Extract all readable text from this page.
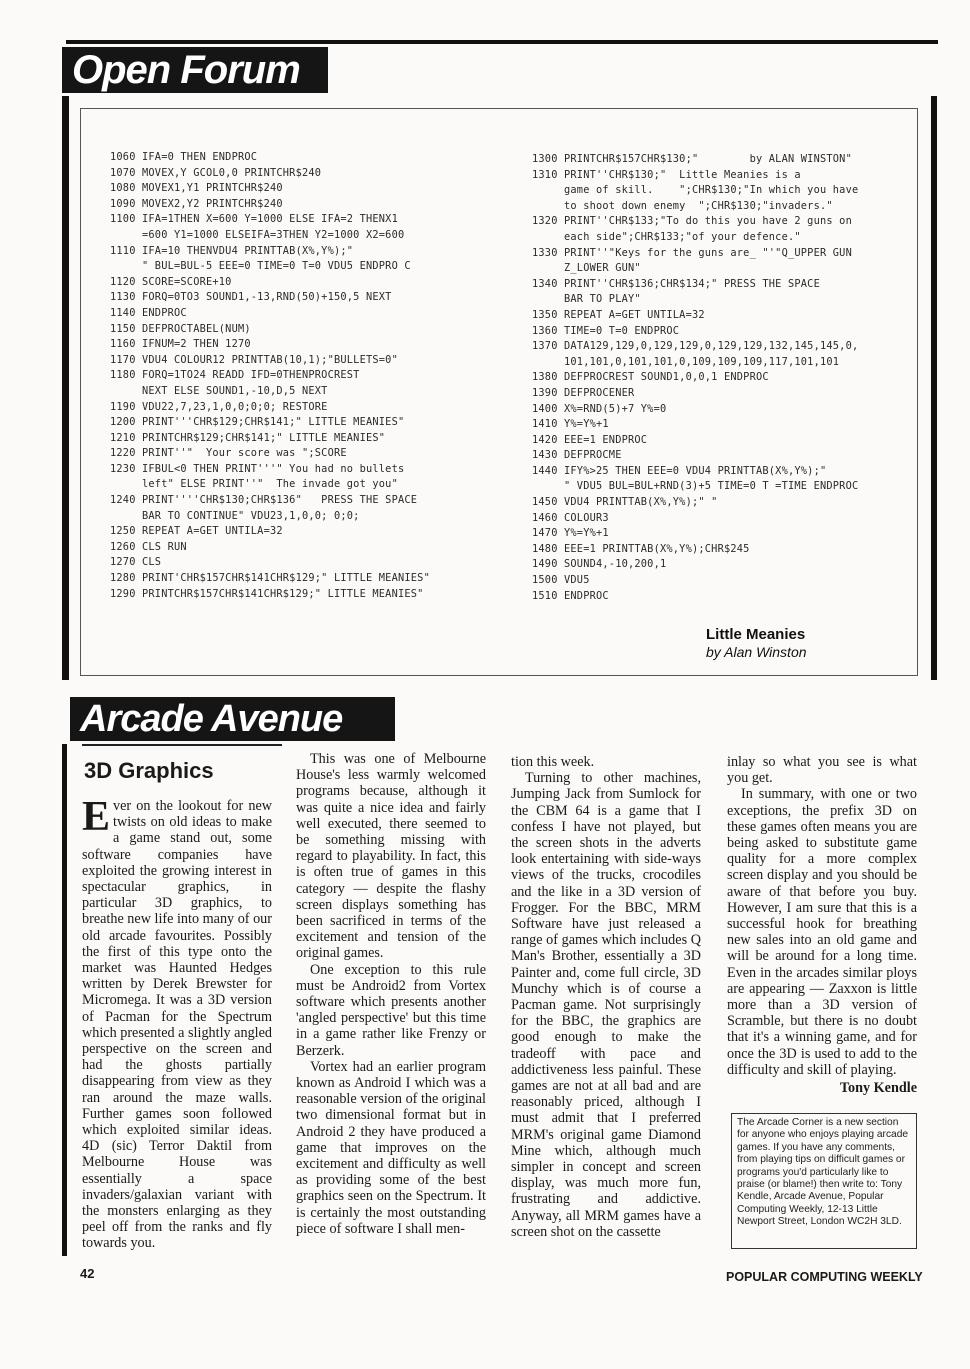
Open Forum
1060 IFA=0 THEN ENDPROC
1070 MOVEX,Y GCOL0,0 PRINTCHR$240
1080 MOVEX1,Y1 PRINTCHR$240
1090 MOVEX2,Y2 PRINTCHR$240
1100 IFA=1THEN X=600 Y=1000 ELSE IFA=2 THENX1
=600 Y1=1000 ELSEIFA=3THEN Y2=1000 X2=600
1110 IFA=10 THENVDU4 PRINTTAB(X%,Y%);"
" BUL=BUL-5 EEE=0 TIME=0 T=0 VDU5 ENDPRO C
1120 SCORE=SCORE+10
1130 FORQ=0TO3 SOUND1,-13,RND(50)+150,5 NEXT
1140 ENDPROC
1150 DEFPROCTABEL(NUM)
1160 IFNUM=2 THEN 1270
1170 VDU4 COLOUR12 PRINTTAB(10,1);"BULLETS=0"
1180 FORQ=1TO24 READD IFD=0THENPROCREST
NEXT ELSE SOUND1,-10,D,5 NEXT
1190 VDU22,7,23,1,0,0;0;0; RESTORE
1200 PRINT'''CHR$129;CHR$141;" LITTLE MEANIES"
1210 PRINTCHR$129;CHR$141;" LITTLE MEANIES"
1220 PRINT''"  Your score was ";SCORE
1230 IFBUL<0 THEN PRINT'''" You had no bullets
left" ELSE PRINT''"  The invade got you"
1240 PRINT''''CHR$130;CHR$136"   PRESS THE SPACE
BAR TO CONTINUE" VDU23,1,0,0; 0;0;
1250 REPEAT A=GET UNTILA=32
1260 CLS RUN
1270 CLS
1280 PRINT'CHR$157CHR$141CHR$129;" LITTLE MEANIES"
1290 PRINTCHR$157CHR$141CHR$129;" LITTLE MEANIES"
1300 PRINTCHR$157CHR$130;"        by ALAN WINSTON"
1310 PRINT''CHR$130;"  Little Meanies is a
game of skill.    ";CHR$130;"In which you have
to shoot down enemy  ";CHR$130;"invaders."
1320 PRINT''CHR$133;"To do this you have 2 guns on
each side";CHR$133;"of your defence."
1330 PRINT''"Keys for the guns are_ "'"Q_UPPER GUN
Z_LOWER GUN"
1340 PRINT''CHR$136;CHR$134;" PRESS THE SPACE
BAR TO PLAY"
1350 REPEAT A=GET UNTILA=32
1360 TIME=0 T=0 ENDPROC
1370 DATA129,129,0,129,129,0,129,129,132,145,145,0,
101,101,0,101,101,0,109,109,109,117,101,101
1380 DEFPROCREST SOUND1,0,0,1 ENDPROC
1390 DEFPROCENER
1400 X%=RND(5)+7 Y%=0
1410 Y%=Y%+1
1420 EEE=1 ENDPROC
1430 DEFPROCME
1440 IFY%>25 THEN EEE=0 VDU4 PRINTTAB(X%,Y%);"
" VDU5 BUL=BUL+RND(3)+5 TIME=0 T =TIME ENDPROC
1450 VDU4 PRINTTAB(X%,Y%);" "
1460 COLOUR3
1470 Y%=Y%+1
1480 EEE=1 PRINTTAB(X%,Y%);CHR$245
1490 SOUND4,-10,200,1
1500 VDU5
1510 ENDPROC
Little Meanies
by Alan Winston
Arcade Avenue
3D Graphics

Ever on the lookout for new twists on old ideas to make a game stand out, some software companies have exploited the growing interest in spectacular graphics, in particular 3D graphics, to breathe new life into many of our old arcade favourites. Possibly the first of this type onto the market was Haunted Hedges written by Derek Brewster for Micromega. It was a 3D version of Pacman for the Spectrum which presented a slightly angled perspective on the screen and had the ghosts partially disappearing from view as they ran around the maze walls. Further games soon followed which exploited similar ideas. 4D (sic) Terror Daktil from Melbourne House was essentially a space invaders/galaxian variant with the monsters enlarging as they peel off from the ranks and fly towards you.

This was one of Melbourne House's less warmly welcomed programs because, although it was quite a nice idea and fairly well executed, there seemed to be something missing with regard to playability. In fact, this is often true of games in this category — despite the flashy screen displays something has been sacrificed in terms of the excitement and tension of the original games.

One exception to this rule must be Android2 from Vortex software which presents another 'angled perspective' but this time in a game rather like Frenzy or Berzerk.

Vortex had an earlier program known as Android I which was a reasonable version of the original two dimensional format but in Android 2 they have produced a game that improves on the excitement and difficulty as well as providing some of the best graphics seen on the Spectrum. It is certainly the most outstanding piece of software I shall men-

tion this week.

Turning to other machines, Jumping Jack from Sumlock for the CBM 64 is a game that I confess I have not played, but the screen shots in the adverts look entertaining with side-ways views of the trucks, crocodiles and the like in a 3D version of Frogger. For the BBC, MRM Software have just released a range of games which includes Q Man's Brother, essentially a 3D Painter and, come full circle, 3D Munchy which is of course a Pacman game. Not surprisingly for the BBC, the graphics are good enough to make the tradeoff with pace and addictiveness less painful. These games are not at all bad and are reasonably priced, although I must admit that I preferred MRM's original game Diamond Mine which, although much simpler in concept and screen display, was much more fun, frustrating and addictive. Anyway, all MRM games have a screen shot on the cassette

inlay so what you see is what you get.

In summary, with one or two exceptions, the prefix 3D on these games often means you are being asked to substitute game quality for a more complex screen display and you should be aware of that before you buy. However, I am sure that this is a successful hook for breathing new sales into an old game and will be around for a long time. Even in the arcades similar ploys are appearing — Zaxxon is little more than a 3D version of Scramble, but there is no doubt that it's a winning game, and for once the 3D is used to add to the difficulty and skill of playing.

Tony Kendle
The Arcade Corner is a new section for anyone who enjoys playing arcade games. If you have any comments, from playing tips on difficult games or programs you'd particularly like to praise (or blame!) then write to: Tony Kendle, Arcade Avenue, Popular Computing Weekly, 12-13 Little Newport Street, London WC2H 3LD.
42	POPULAR COMPUTING WEEKLY
